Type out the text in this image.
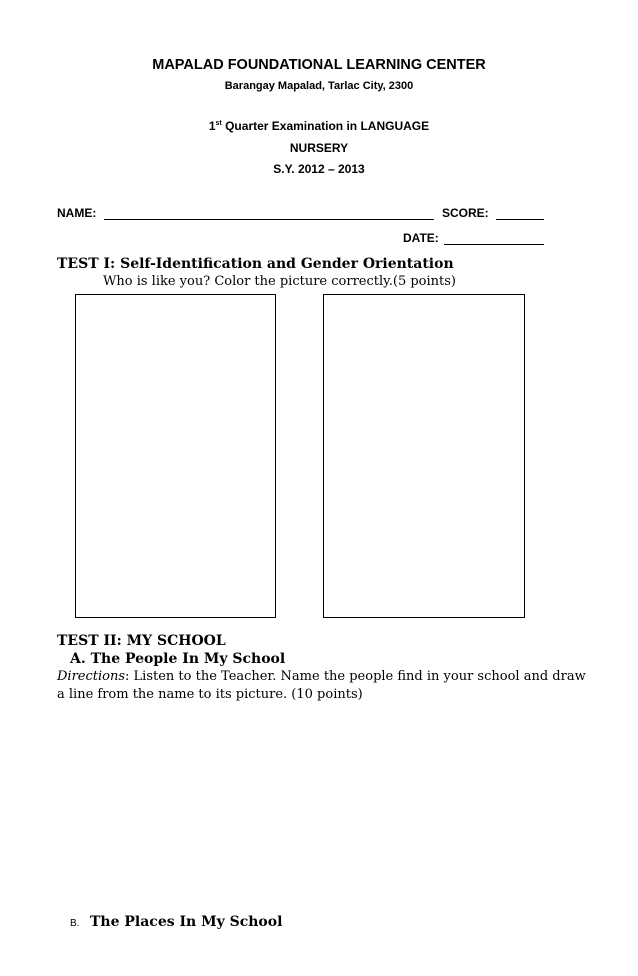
MAPALAD FOUNDATIONAL LEARNING CENTER
Barangay Mapalad, Tarlac City, 2300
1st Quarter Examination in LANGUAGE
NURSERY
S.Y. 2012 – 2013
NAME:	SCORE:
DATE:
TEST I: Self-Identification and Gender Orientation
Who is like you? Color the picture correctly.(5 points)
TEST II: MY SCHOOL
A. The People In My School
Directions: Listen to the Teacher. Name the people find in your school and draw a line from the name to its picture. (10 points)
B. The Places In My School
